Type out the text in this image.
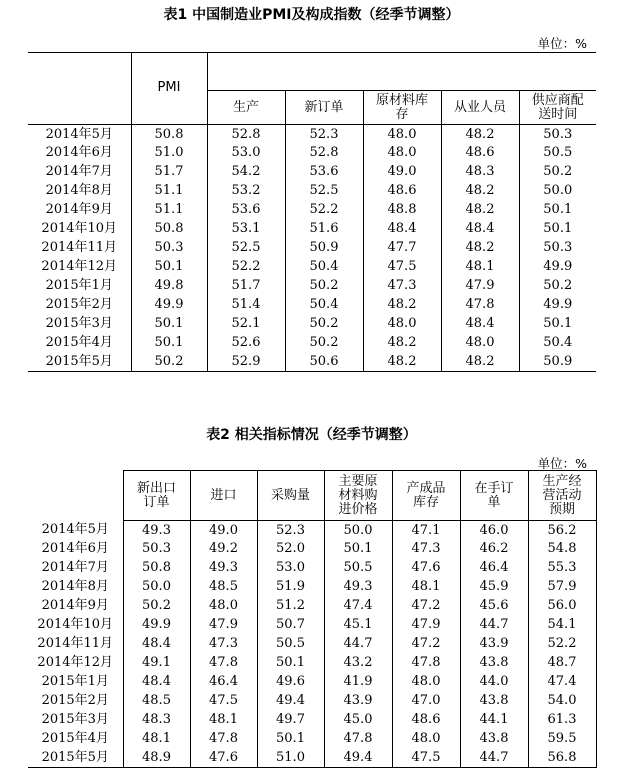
表1 中国制造业PMI及构成指数（经季节调整）
单位：%
	PMI					
		生产	新订单	原材料库存	从业人员	供应商配送时间
2014年5月	50.8	52.8	52.3	48.0	48.2	50.3
2014年6月	51.0	53.0	52.8	48.0	48.6	50.5
2014年7月	51.7	54.2	53.6	49.0	48.3	50.2
2014年8月	51.1	53.2	52.5	48.6	48.2	50.0
2014年9月	51.1	53.6	52.2	48.8	48.2	50.1
2014年10月	50.8	53.1	51.6	48.4	48.4	50.1
2014年11月	50.3	52.5	50.9	47.7	48.2	50.3
2014年12月	50.1	52.2	50.4	47.5	48.1	49.9
2015年1月	49.8	51.7	50.2	47.3	47.9	50.2
2015年2月	49.9	51.4	50.4	48.2	47.8	49.9
2015年3月	50.1	52.1	50.2	48.0	48.4	50.1
2015年4月	50.1	52.6	50.2	48.2	48.0	50.4
2015年5月	50.2	52.9	50.6	48.2	48.2	50.9
表2 相关指标情况（经季节调整）
单位：%
	新出口订单	进口	采购量	主要原材料购进价格	产成品库存	在手订单	生产经营活动预期
2014年5月	49.3	49.0	52.3	50.0	47.1	46.0	56.2
2014年6月	50.3	49.2	52.0	50.1	47.3	46.2	54.8
2014年7月	50.8	49.3	53.0	50.5	47.6	46.4	55.3
2014年8月	50.0	48.5	51.9	49.3	48.1	45.9	57.9
2014年9月	50.2	48.0	51.2	47.4	47.2	45.6	56.0
2014年10月	49.9	47.9	50.7	45.1	47.9	44.7	54.1
2014年11月	48.4	47.3	50.5	44.7	47.2	43.9	52.2
2014年12月	49.1	47.8	50.1	43.2	47.8	43.8	48.7
2015年1月	48.4	46.4	49.6	41.9	48.0	44.0	47.4
2015年2月	48.5	47.5	49.4	43.9	47.0	43.8	54.0
2015年3月	48.3	48.1	49.7	45.0	48.6	44.1	61.3
2015年4月	48.1	47.8	50.1	47.8	48.0	43.8	59.5
2015年5月	48.9	47.6	51.0	49.4	47.5	44.7	56.8
